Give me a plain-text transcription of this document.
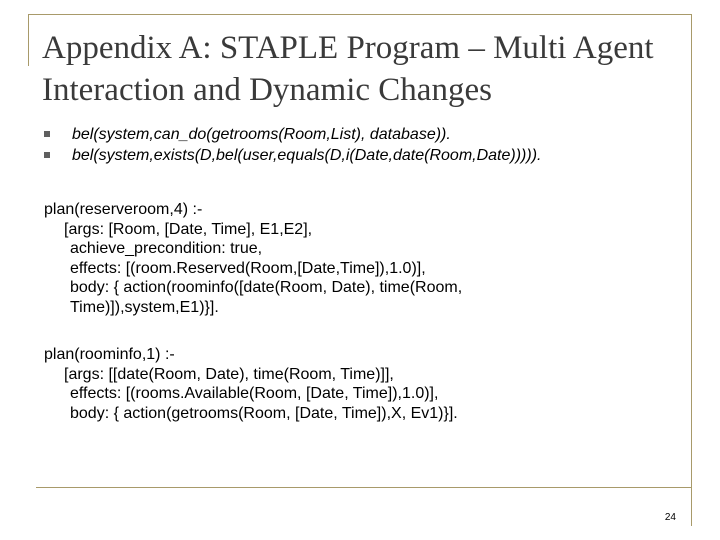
Appendix A: STAPLE Program – Multi Agent Interaction and Dynamic Changes
bel(system,can_do(getrooms(Room,List), database)).
bel(system,exists(D,bel(user,equals(D,i(Date,date(Room,Date))))).
plan(reserveroom,4) :-
[args: [Room, [Date, Time], E1,E2],
achieve_precondition: true,
effects: [(room.Reserved(Room,[Date,Time]),1.0)],
body: { action(roominfo([date(Room, Date), time(Room,
Time)]),system,E1)}].
plan(roominfo,1) :-
[args: [[date(Room, Date), time(Room, Time)]],
effects: [(rooms.Available(Room, [Date, Time]),1.0)],
body: { action(getrooms(Room, [Date, Time]),X, Ev1)}].
24
